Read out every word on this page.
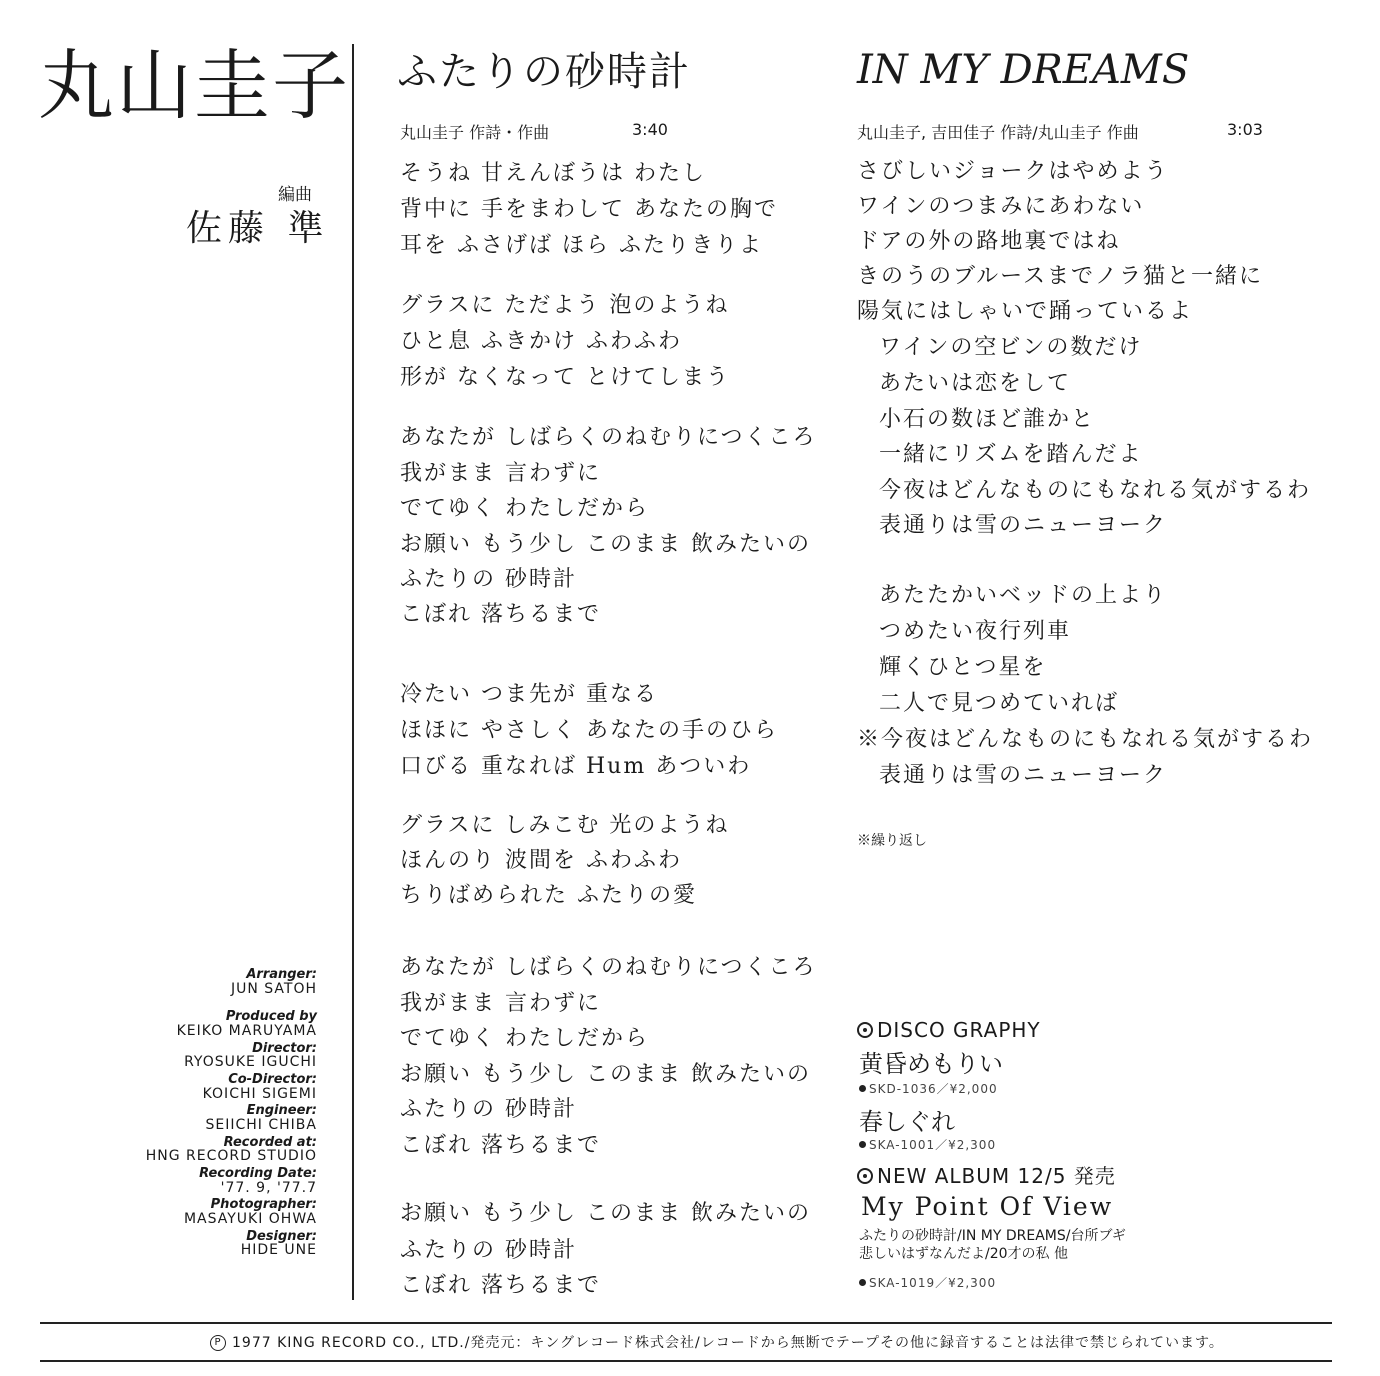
丸山圭子
編曲
佐藤 準
Arranger:
JUN SATOH
Produced by
KEIKO MARUYAMA
Director:
RYOSUKE IGUCHI
Co-Director:
KOICHI SIGEMI
Engineer:
SEIICHI CHIBA
Recorded at:
HNG RECORD STUDIO
Recording Date:
'77. 9, '77.7
Photographer:
MASAYUKI OHWA
Designer:
HIDE UNE
ふたりの砂時計
丸山圭子 作詩・作曲	3:40
そうね 甘えんぼうは わたし
背中に 手をまわして あなたの胸で
耳を ふさげば ほら ふたりきりよ
グラスに ただよう 泡のようね
ひと息 ふきかけ ふわふわ
形が なくなって とけてしまう
あなたが しばらくのねむりにつくころ
我がまま 言わずに
でてゆく わたしだから
お願い もう少し このまま 飲みたいの
ふたりの 砂時計
こぼれ 落ちるまで
冷たい つま先が 重なる
ほほに やさしく あなたの手のひら
口びる 重なれば Hum あついわ
グラスに しみこむ 光のようね
ほんのり 波間を ふわふわ
ちりばめられた ふたりの愛
あなたが しばらくのねむりにつくころ
我がまま 言わずに
でてゆく わたしだから
お願い もう少し このまま 飲みたいの
ふたりの 砂時計
こぼれ 落ちるまで
お願い もう少し このまま 飲みたいの
ふたりの 砂時計
こぼれ 落ちるまで
IN MY DREAMS
丸山圭子, 吉田佳子 作詩/丸山圭子 作曲	3:03
さびしいジョークはやめよう
ワインのつまみにあわない
ドアの外の路地裏ではね
きのうのブルースまでノラ猫と一緒に
陽気にはしゃいで踊っているよ
ワインの空ビンの数だけ
あたいは恋をして
小石の数ほど誰かと
一緒にリズムを踏んだよ
今夜はどんなものにもなれる気がするわ
表通りは雪のニューヨーク
あたたかいベッドの上より
つめたい夜行列車
輝くひとつ星を
二人で見つめていれば
※今夜はどんなものにもなれる気がするわ
表通りは雪のニューヨーク
※繰り返し
DISCO GRAPHY
黄昏めもりい
SKD-1036／¥2,000
春しぐれ
SKA-1001／¥2,300
NEW ALBUM 12/5 発売
My Point Of View
ふたりの砂時計/IN MY DREAMS/台所ブギ
悲しいはずなんだよ/20才の私 他
SKA-1019／¥2,300
P 1977 KING RECORD CO., LTD./発売元：キングレコード株式会社/レコードから無断でテープその他に録音することは法律で禁じられています。
